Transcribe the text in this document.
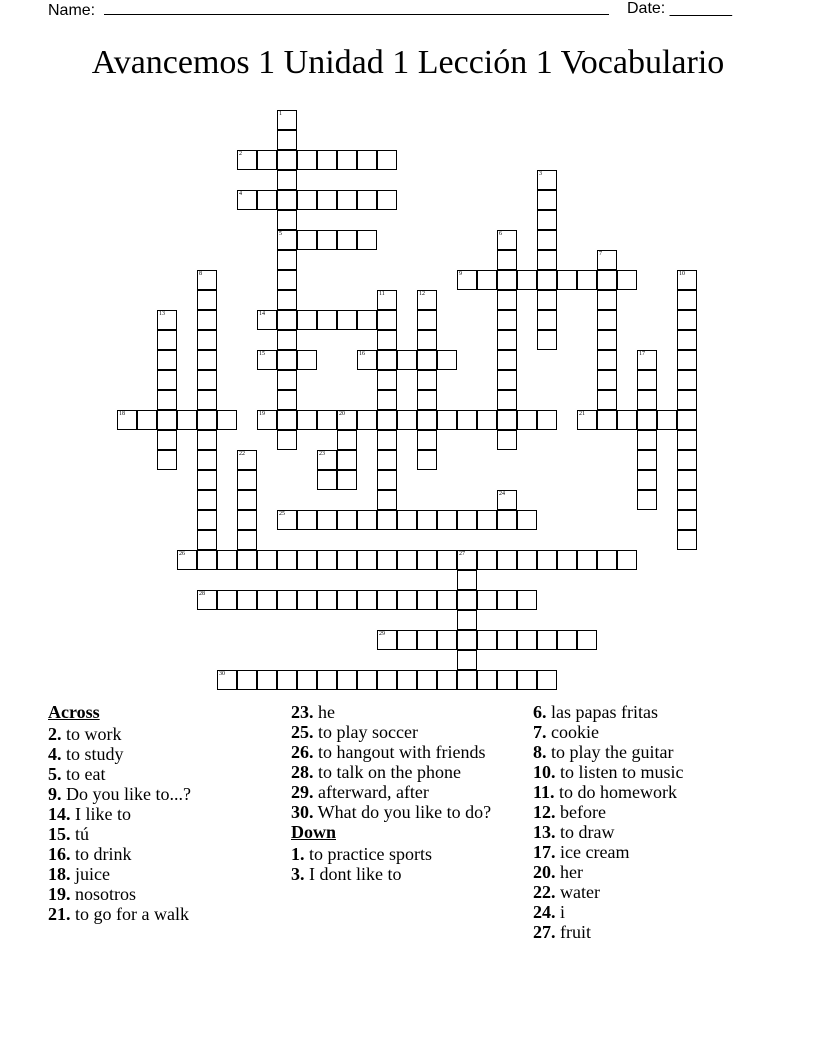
Name:	Date: _______
Avancemos 1 Unidad 1 Lección 1 Vocabulario
1
5
2
3
4
6
7
8	9	10
11	12
13	14
15	16	17
18	19	20	21
22	23
24
25
26	27
28
29
30
Across
2. to work
4. to study
5. to eat
9. Do you like to...?
14. I like to
15. tú
16. to drink
18. juice
19. nosotros
21. to go for a walk
23. he
25. to play soccer
26. to hangout with friends
28. to talk on the phone
29. afterward, after
30. What do you like to do?
Down
1. to practice sports
3. I dont like to
6. las papas fritas
7. cookie
8. to play the guitar
10. to listen to music
11. to do homework
12. before
13. to draw
17. ice cream
20. her
22. water
24. i
27. fruit
